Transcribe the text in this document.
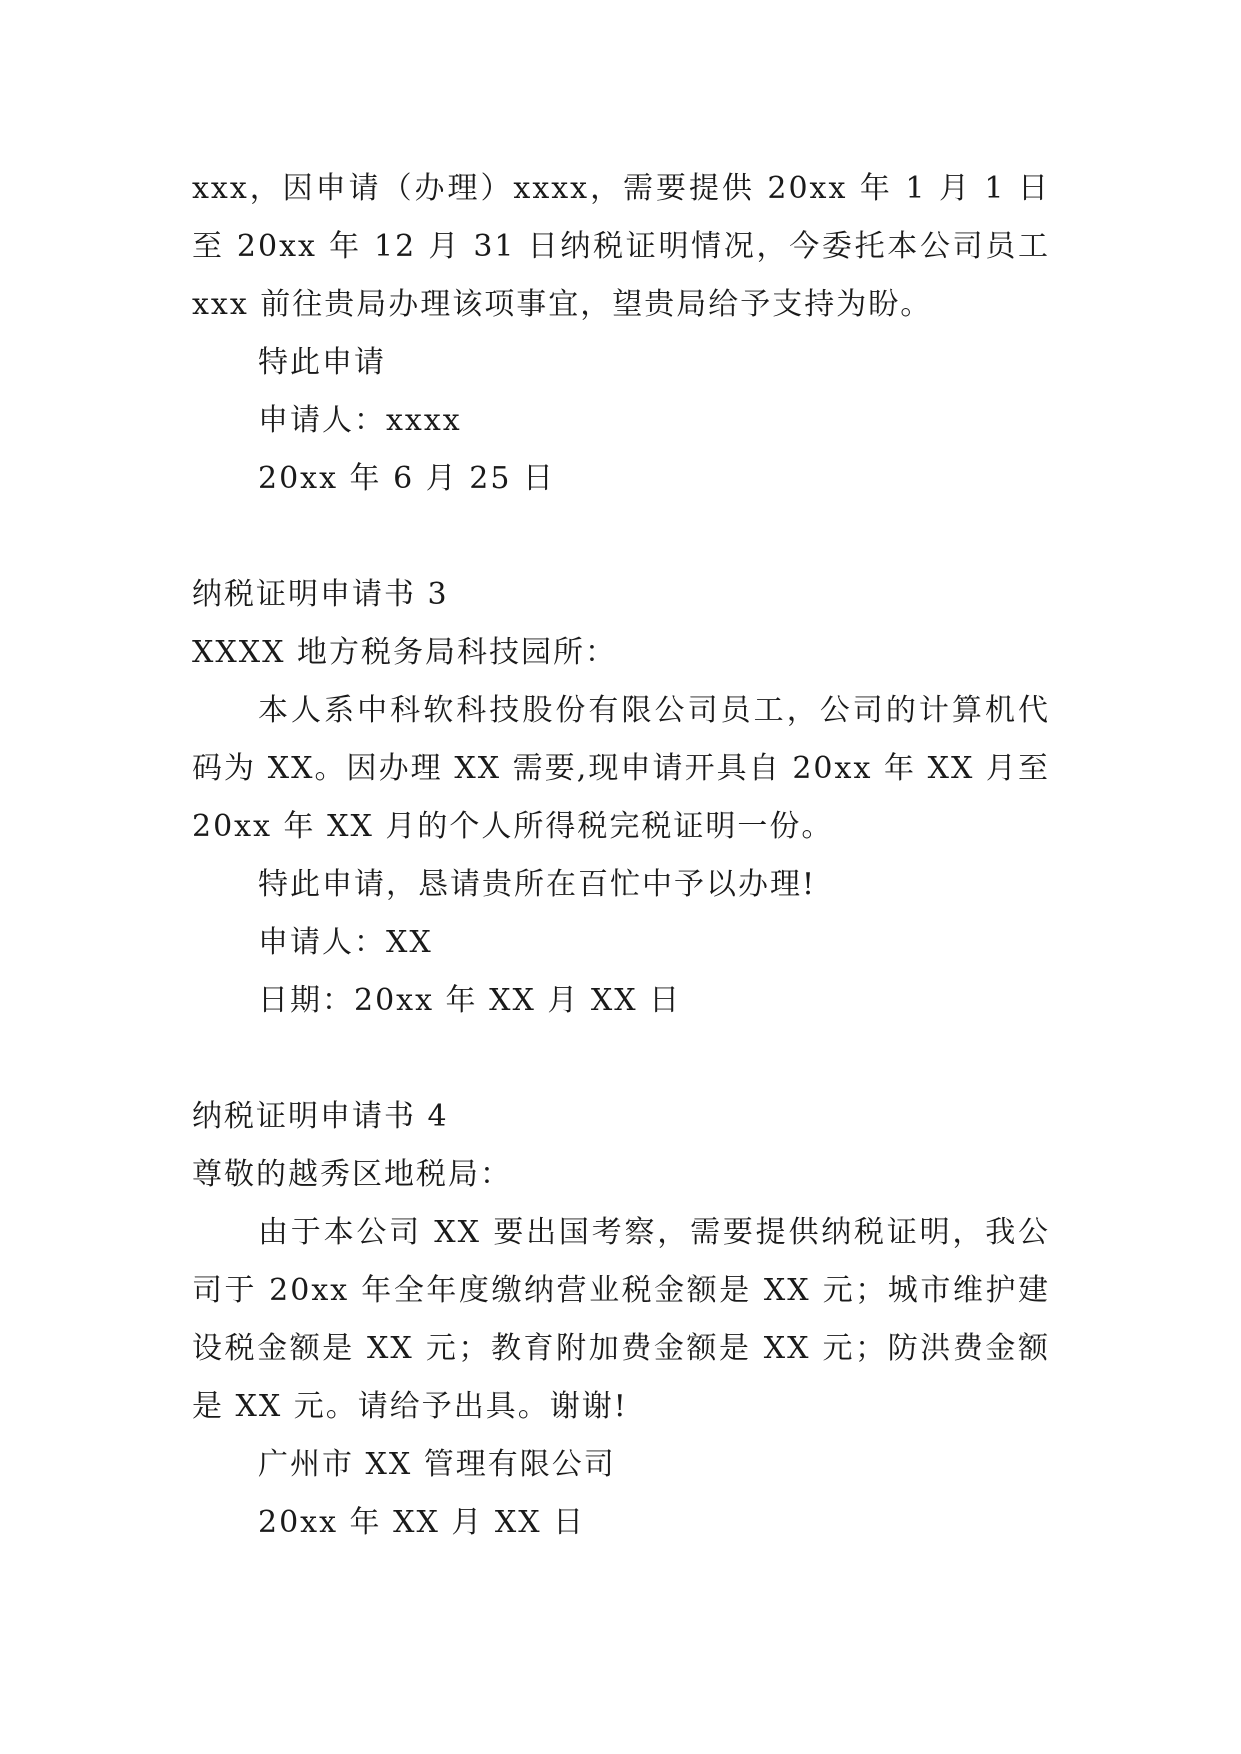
xxx，因申请（办理）xxxx，需要提供 20xx 年 1 月 1 日至 20xx 年 12 月 31 日纳税证明情况，今委托本公司员工 xxx 前往贵局办理该项事宜，望贵局给予支持为盼。
特此申请
申请人：xxxx
20xx 年 6 月 25 日
纳税证明申请书 3
XXXX 地方税务局科技园所：
本人系中科软科技股份有限公司员工，公司的计算机代码为 XX。因办理 XX 需要,现申请开具自 20xx 年 XX 月至 20xx 年 XX 月的个人所得税完税证明一份。
特此申请，恳请贵所在百忙中予以办理!
申请人：XX
日期：20xx 年 XX 月 XX 日
纳税证明申请书 4
尊敬的越秀区地税局：
由于本公司 XX 要出国考察，需要提供纳税证明，我公司于 20xx 年全年度缴纳营业税金额是 XX 元；城市维护建设税金额是 XX 元；教育附加费金额是 XX 元；防洪费金额是 XX 元。请给予出具。谢谢!
广州市 XX 管理有限公司
20xx 年 XX 月 XX 日
